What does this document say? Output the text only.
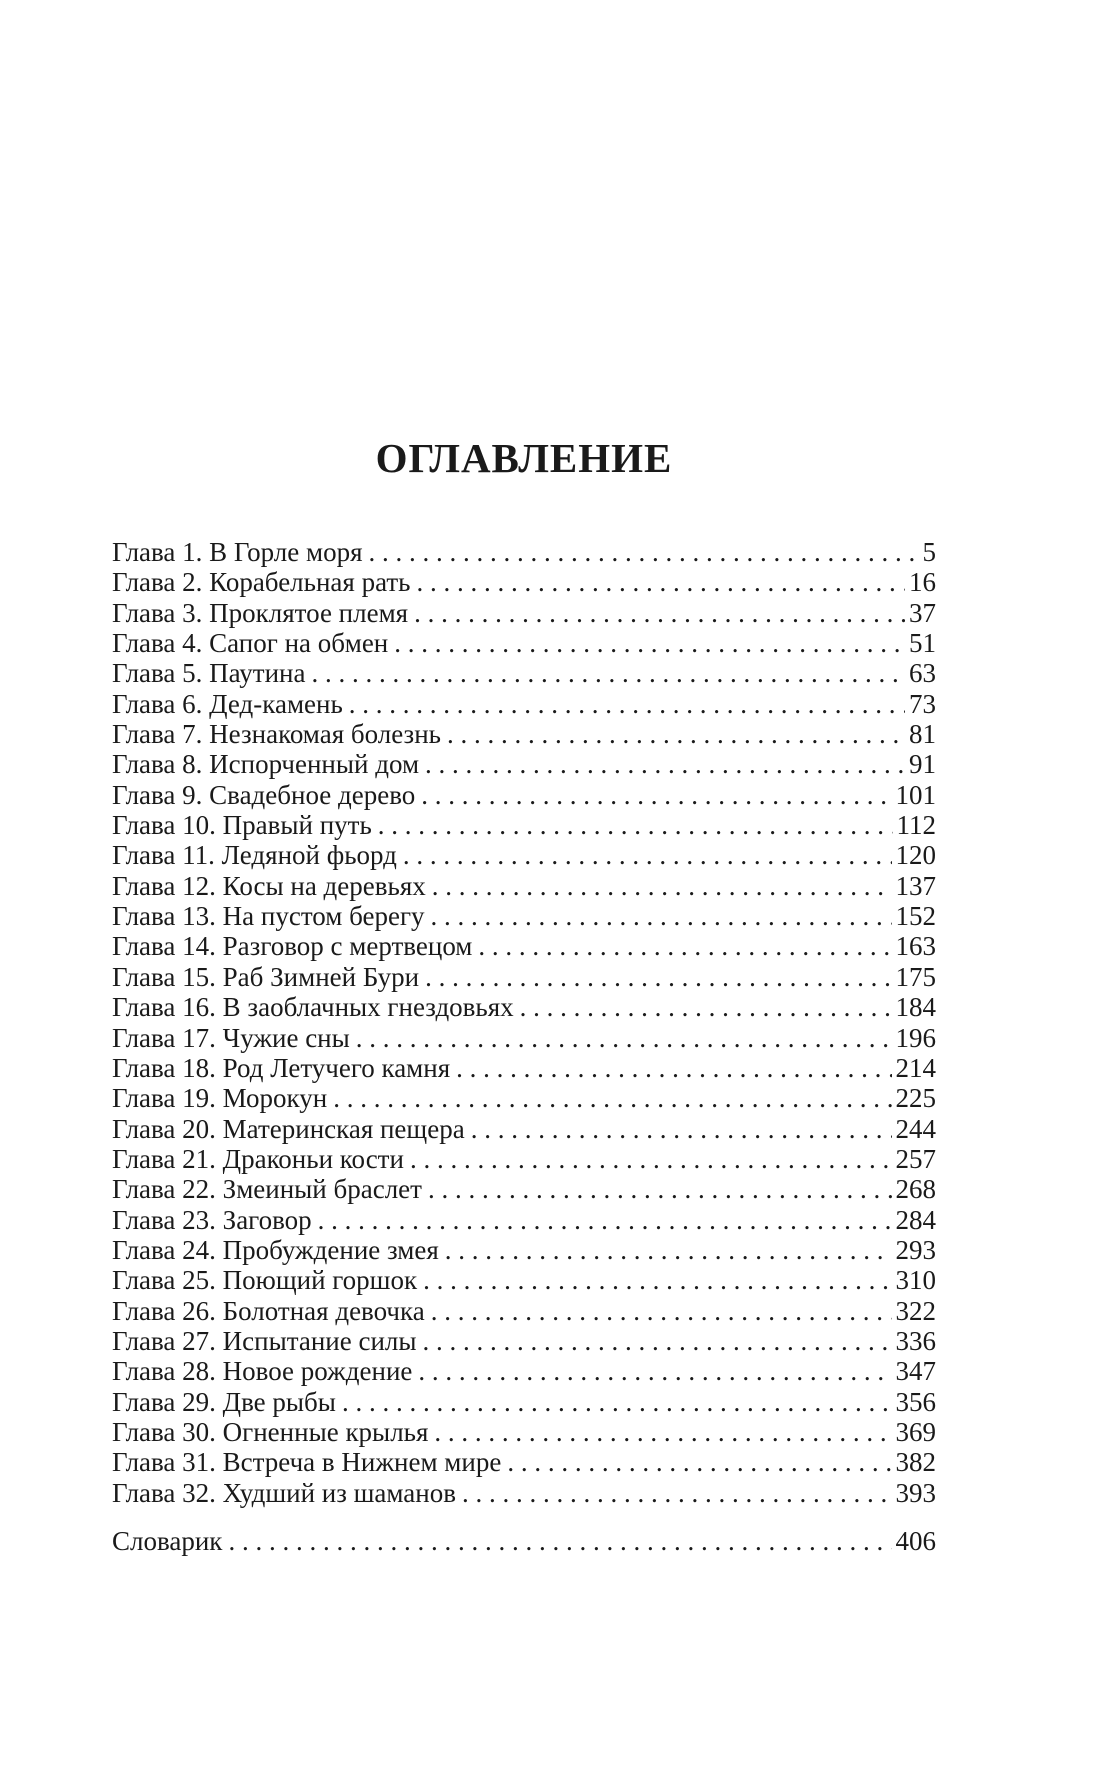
ОГЛАВЛЕНИЕ
Глава 1. В Горле моря . . .	5
Глава 2. Корабельная рать . . .	16
Глава 3. Проклятое племя . . .	37
Глава 4. Сапог на обмен . . .	51
Глава 5. Паутина . . .	63
Глава 6. Дед-камень . . .	73
Глава 7. Незнакомая болезнь . . .	81
Глава 8. Испорченный дом . . .	91
Глава 9. Свадебное дерево . . .	101
Глава 10. Правый путь . . .	112
Глава 11. Ледяной фьорд . . .	120
Глава 12. Косы на деревьях . . .	137
Глава 13. На пустом берегу . . .	152
Глава 14. Разговор с мертвецом . . .	163
Глава 15. Раб Зимней Бури . . .	175
Глава 16. В заоблачных гнездовьях . . .	184
Глава 17. Чужие сны . . .	196
Глава 18. Род Летучего камня . . .	214
Глава 19. Морокун . . .	225
Глава 20. Материнская пещера . . .	244
Глава 21. Драконьи кости . . .	257
Глава 22. Змеиный браслет . . .	268
Глава 23. Заговор . . .	284
Глава 24. Пробуждение змея . . .	293
Глава 25. Поющий горшок . . .	310
Глава 26. Болотная девочка . . .	322
Глава 27. Испытание силы . . .	336
Глава 28. Новое рождение . . .	347
Глава 29. Две рыбы . . .	356
Глава 30. Огненные крылья . . .	369
Глава 31. Встреча в Нижнем мире . . .	382
Глава 32. Худший из шаманов . . .	393
Словарик . . .	406
